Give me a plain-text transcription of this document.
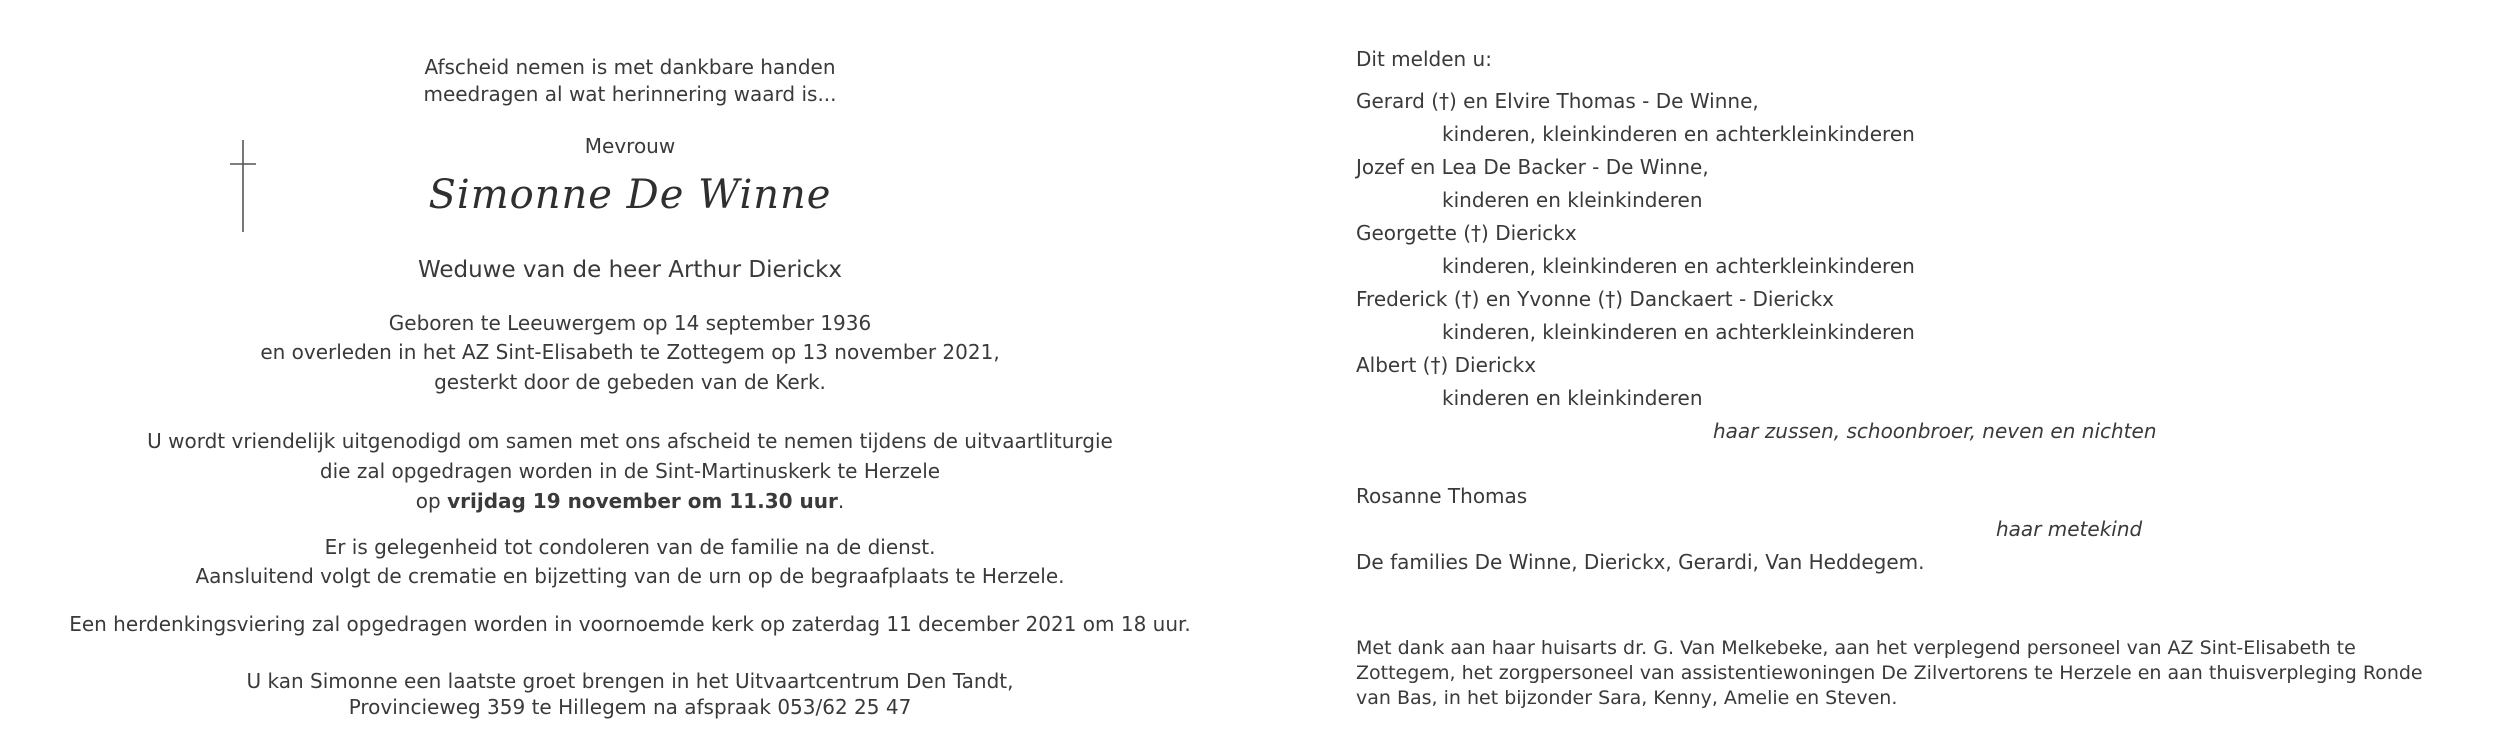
Afscheid nemen is met dankbare handen
meedragen al wat herinnering waard is...
Mevrouw
Simonne De Winne
Weduwe van de heer Arthur Dierickx
Geboren te Leeuwergem op 14 september 1936
en overleden in het AZ Sint-Elisabeth te Zottegem op 13 november 2021,
gesterkt door de gebeden van de Kerk.
U wordt vriendelijk uitgenodigd om samen met ons afscheid te nemen tijdens de uitvaartliturgie
die zal opgedragen worden in de Sint-Martinuskerk te Herzele
op vrijdag 19 november om 11.30 uur.
Er is gelegenheid tot condoleren van de familie na de dienst.
Aansluitend volgt de crematie en bijzetting van de urn op de begraafplaats te Herzele.
Een herdenkingsviering zal opgedragen worden in voornoemde kerk op zaterdag 11 december 2021 om 18 uur.
U kan Simonne een laatste groet brengen in het Uitvaartcentrum Den Tandt,
Provincieweg 359 te Hillegem na afspraak 053/62 25 47
Dit melden u:
Gerard (†) en Elvire Thomas - De Winne,
kinderen, kleinkinderen en achterkleinkinderen
Jozef en Lea De Backer - De Winne,
kinderen en kleinkinderen
Georgette (†) Dierickx
kinderen, kleinkinderen en achterkleinkinderen
Frederick (†) en Yvonne (†) Danckaert - Dierickx
kinderen, kleinkinderen en achterkleinkinderen
Albert (†) Dierickx
kinderen en kleinkinderen
haar zussen, schoonbroer, neven en nichten
Rosanne Thomas
haar metekind
De families De Winne, Dierickx, Gerardi, Van Heddegem.
Met dank aan haar huisarts dr. G. Van Melkebeke, aan het verplegend personeel van AZ Sint-Elisabeth te Zottegem, het zorgpersoneel van assistentiewoningen De Zilvertorens te Herzele en aan thuisverpleging Ronde van Bas, in het bijzonder Sara, Kenny, Amelie en Steven.
